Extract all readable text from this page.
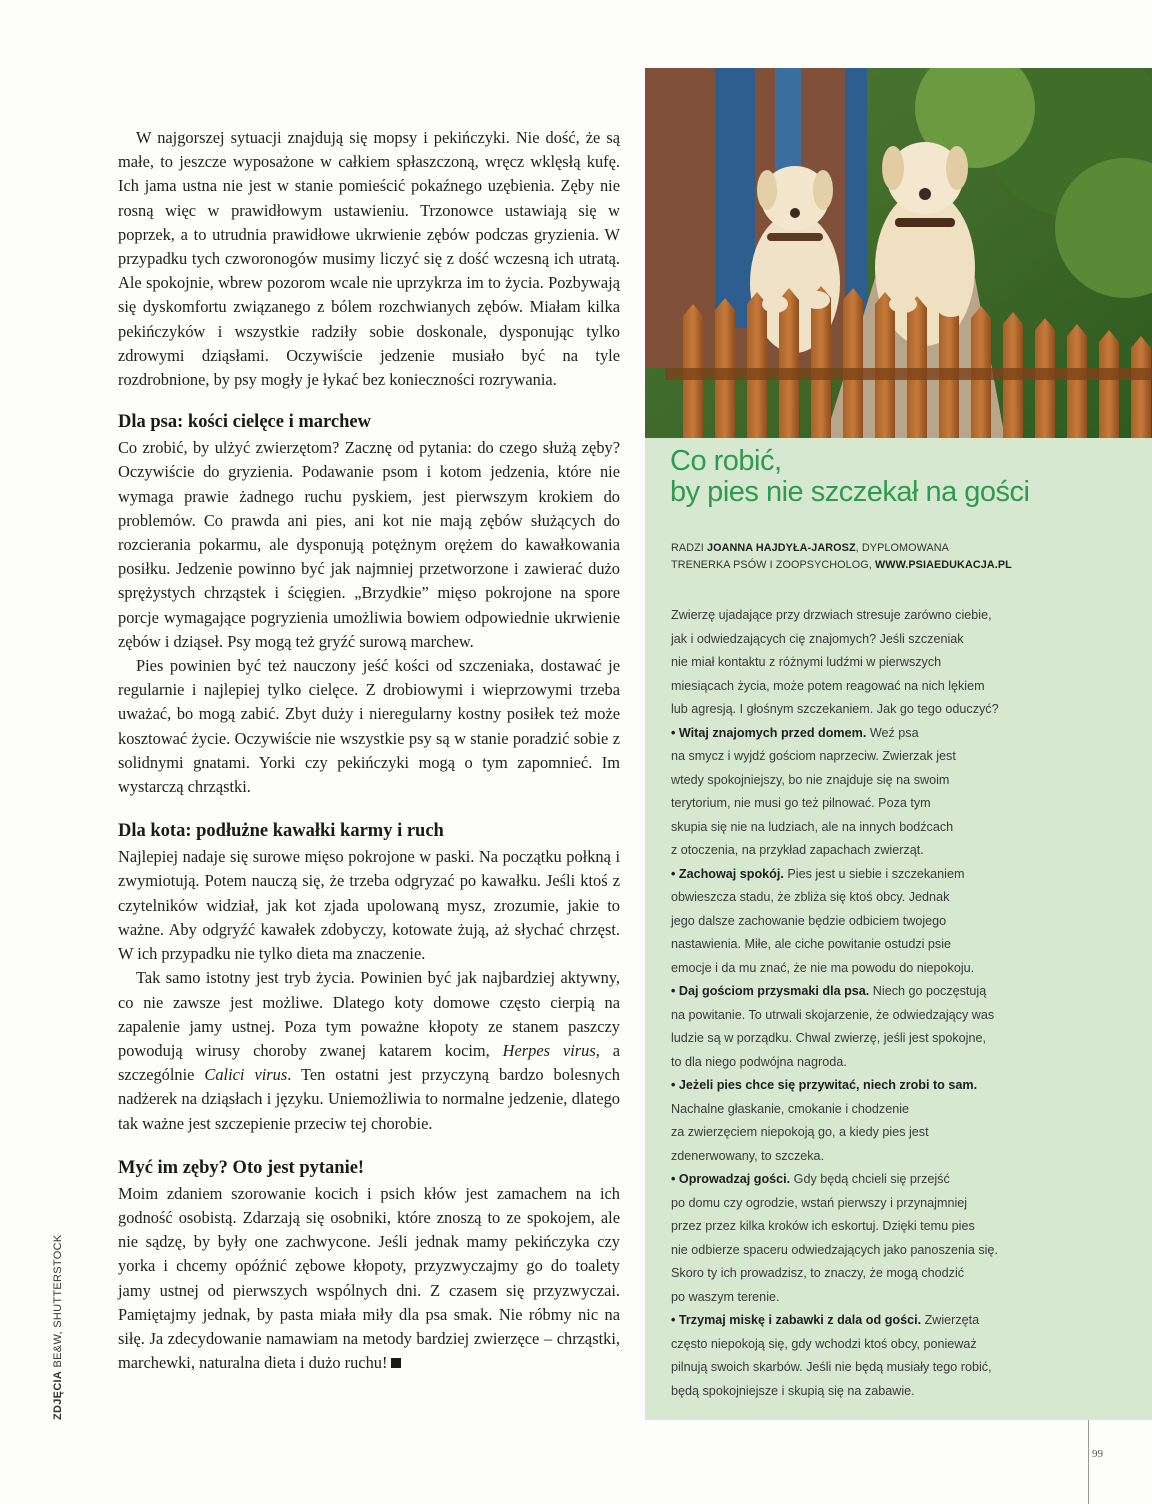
W najgorszej sytuacji znajdują się mopsy i pekińczyki. Nie dość, że są małe, to jeszcze wyposażone w całkiem spłaszczoną, wręcz wklęsłą kufę. Ich jama ustna nie jest w stanie pomieścić pokaźnego uzębienia. Zęby nie rosną więc w prawidłowym ustawieniu. Trzonowce ustawiają się w poprzek, a to utrudnia prawidłowe ukrwienie zębów podczas gryzienia. W przypadku tych czworonogów musimy liczyć się z dość wczesną ich utratą. Ale spokojnie, wbrew pozorom wcale nie uprzykrza im to życia. Pozbywają się dyskomfortu związanego z bólem rozchwianych zębów. Miałam kilka pekińczyków i wszystkie radziły sobie doskonale, dysponując tylko zdrowymi dziąsłami. Oczywiście jedzenie musiało być na tyle rozdrobnione, by psy mogły je łykać bez konieczności rozrywania.

Dla psa: kości cielęce i marchew

Co zrobić, by ulżyć zwierzętom? Zacznę od pytania: do czego służą zęby? Oczywiście do gryzienia. Podawanie psom i kotom jedzenia, które nie wymaga prawie żadnego ruchu pyskiem, jest pierwszym krokiem do problemów. Co prawda ani pies, ani kot nie mają zębów służących do rozcierania pokarmu, ale dysponują potężnym orężem do kawałkowania posiłku. Jedzenie powinno być jak najmniej przetworzone i zawierać dużo sprężystych chrząstek i ścięgien. „Brzydkie” mięso pokrojone na spore porcje wymagające pogryzienia umożliwia bowiem odpowiednie ukrwienie zębów i dziąseł. Psy mogą też gryźć surową marchew.

Pies powinien być też nauczony jeść kości od szczeniaka, dostawać je regularnie i najlepiej tylko cielęce. Z drobiowymi i wieprzowymi trzeba uważać, bo mogą zabić. Zbyt duży i nieregularny kostny posiłek też może kosztować życie. Oczywiście nie wszystkie psy są w stanie poradzić sobie z solidnymi gnatami. Yorki czy pekińczyki mogą o tym zapomnieć. Im wystarczą chrząstki.

Dla kota: podłużne kawałki karmy i ruch

Najlepiej nadaje się surowe mięso pokrojone w paski. Na początku połkną i zwymiotują. Potem nauczą się, że trzeba odgryzać po kawałku. Jeśli ktoś z czytelników widział, jak kot zjada upolowaną mysz, zrozumie, jakie to ważne. Aby odgryźć kawałek zdobyczy, kotowate żują, aż słychać chrzęst. W ich przypadku nie tylko dieta ma znaczenie.

Tak samo istotny jest tryb życia. Powinien być jak najbardziej aktywny, co nie zawsze jest możliwe. Dlatego koty domowe często cierpią na zapalenie jamy ustnej. Poza tym poważne kłopoty ze stanem paszczy powodują wirusy choroby zwanej katarem kocim, Herpes virus, a szczególnie Calici virus. Ten ostatni jest przyczyną bardzo bolesnych nadżerek na dziąsłach i języku. Uniemożliwia to normalne jedzenie, dlatego tak ważne jest szczepienie przeciw tej chorobie.

Myć im zęby? Oto jest pytanie!

Moim zdaniem szorowanie kocich i psich kłów jest zamachem na ich godność osobistą. Zdarzają się osobniki, które znoszą to ze spokojem, ale nie sądzę, by były one zachwycone. Jeśli jednak mamy pekińczyka czy yorka i chcemy opóźnić zębowe kłopoty, przyzwyczajmy go do toalety jamy ustnej od pierwszych wspólnych dni. Z czasem się przyzwyczai. Pamiętajmy jednak, by pasta miała miły dla psa smak. Nie róbmy nic na siłę. Ja zdecydowanie namawiam na metody bardziej zwierzęce – chrząstki, marchewki, naturalna dieta i dużo ruchu!

ZDJĘCIA BE&W, SHUTTERSTOCK
Co robić,
by pies nie szczekał na gości
RADZI JOANNA HAJDYŁA-JAROSZ, DYPLOMOWANA
TRENERKA PSÓW I ZOOPSYCHOLOG, WWW.PSIAEDUKACJA.PL
Zwierzę ujadające przy drzwiach stresuje zarówno ciebie,
jak i odwiedzających cię znajomych? Jeśli szczeniak
nie miał kontaktu z różnymi ludźmi w pierwszych
miesiącach życia, może potem reagować na nich lękiem
lub agresją. I głośnym szczekaniem. Jak go tego oduczyć?
• Witaj znajomych przed domem. Weź psa
na smycz i wyjdź gościom naprzeciw. Zwierzak jest
wtedy spokojniejszy, bo nie znajduje się na swoim
terytorium, nie musi go też pilnować. Poza tym
skupia się nie na ludziach, ale na innych bodźcach
z otoczenia, na przykład zapachach zwierząt.
• Zachowaj spokój. Pies jest u siebie i szczekaniem
obwieszcza stadu, że zbliża się ktoś obcy. Jednak
jego dalsze zachowanie będzie odbiciem twojego
nastawienia. Miłe, ale ciche powitanie ostudzi psie
emocje i da mu znać, że nie ma powodu do niepokoju.
• Daj gościom przysmaki dla psa. Niech go poczęstują
na powitanie. To utrwali skojarzenie, że odwiedzający was
ludzie są w porządku. Chwal zwierzę, jeśli jest spokojne,
to dla niego podwójna nagroda.
• Jeżeli pies chce się przywitać, niech zrobi to sam.
Nachalne głaskanie, cmokanie i chodzenie
za zwierzęciem niepokoją go, a kiedy pies jest
zdenerwowany, to szczeka.
• Oprowadzaj gości. Gdy będą chcieli się przejść
po domu czy ogrodzie, wstań pierwszy i przynajmniej
przez przez kilka kroków ich eskortuj. Dzięki temu pies
nie odbierze spaceru odwiedzających jako panoszenia się.
Skoro ty ich prowadzisz, to znaczy, że mogą chodzić
po waszym terenie.
• Trzymaj miskę i zabawki z dala od gości. Zwierzęta
często niepokoją się, gdy wchodzi ktoś obcy, ponieważ
pilnują swoich skarbów. Jeśli nie będą musiały tego robić,
będą spokojniejsze i skupią się na zabawie.
99
